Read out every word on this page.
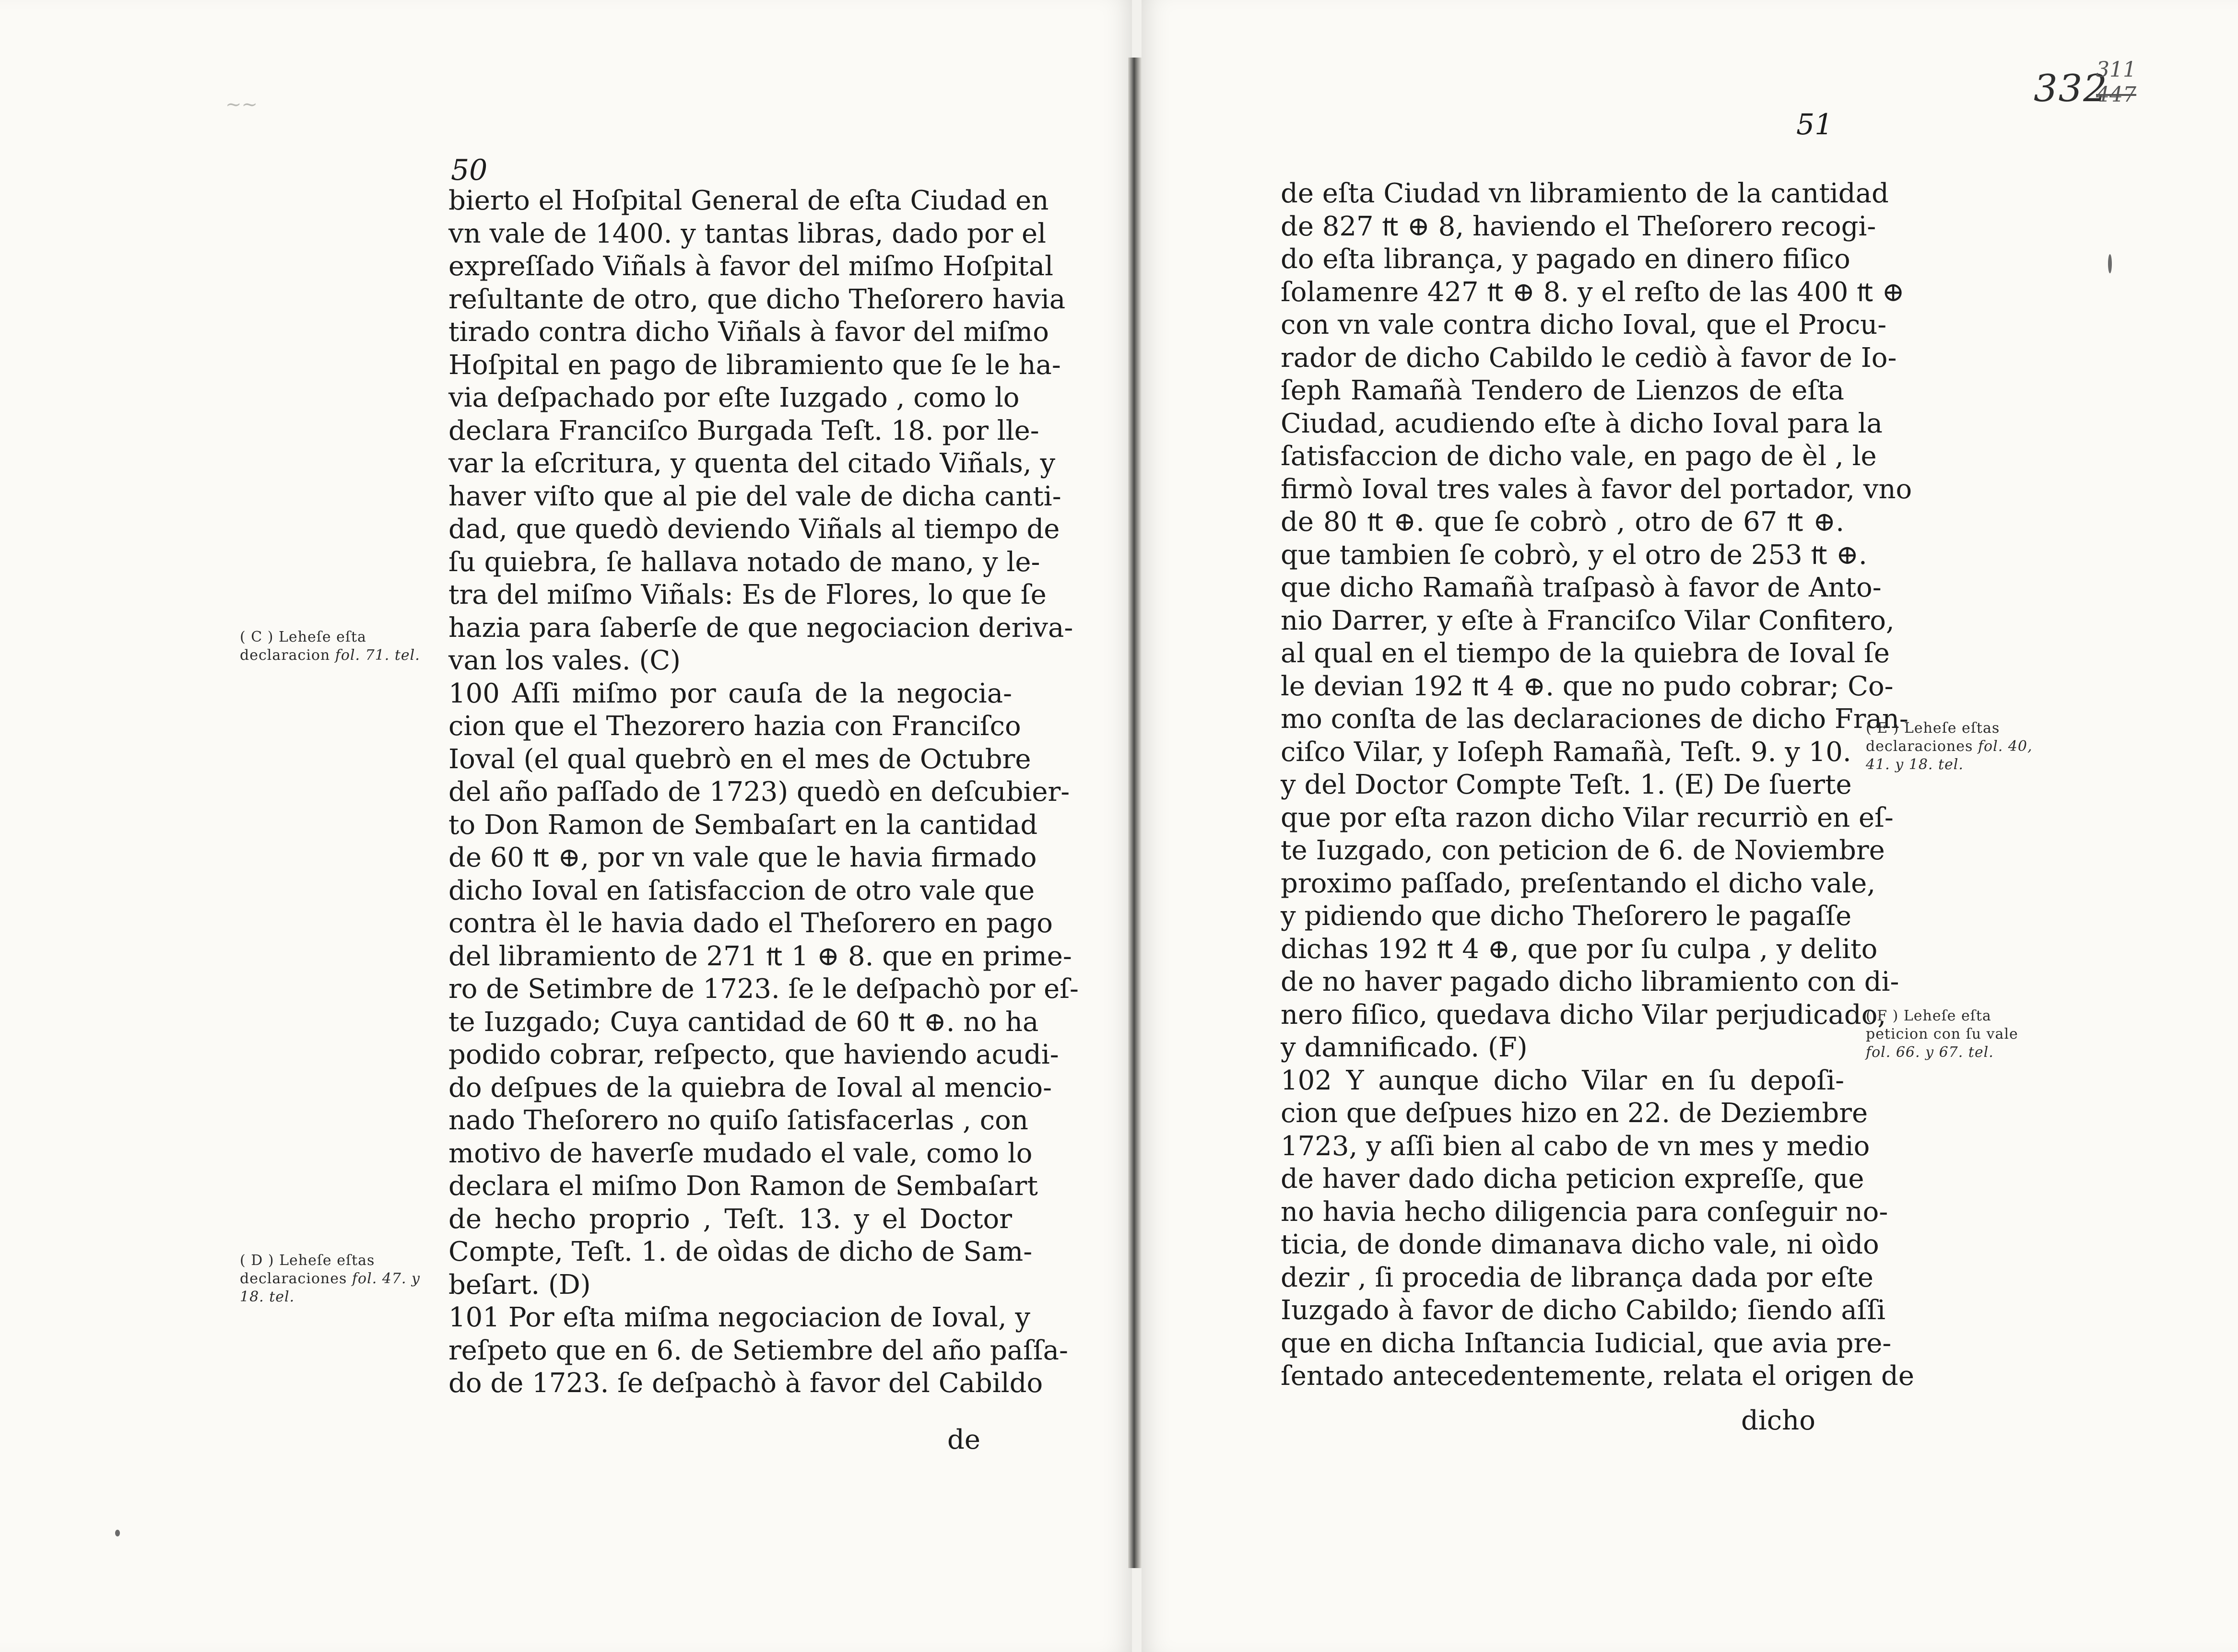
~~
50
bierto el Hoſpital General de eſta Ciudad en
vn vale de 1400. y tantas libras, dado por el
expreſſado Viñals à favor del miſmo Hoſpital
reſultante de otro, que dicho Theſorero havia
tirado contra dicho Viñals à favor del miſmo
Hoſpital en pago de libramiento que ſe le ha-
via deſpachado por eſte Iuzgado , como lo
declara Franciſco Burgada Teſt. 18. por lle-
var la eſcritura, y quenta del citado Viñals, y
haver viſto que al pie del vale de dicha canti-
dad, que quedò deviendo Viñals al tiempo de
ſu quiebra, ſe hallava notado de mano, y le-
tra del miſmo Viñals: Es de Flores, lo que ſe
hazia para ſaberſe de que negociacion deriva-
van los vales. (C)
100 Aſſi miſmo por cauſa de la negocia-
cion que el Thezorero hazia con Franciſco
Ioval (el qual quebrò en el mes de Octubre
del año paſſado de 1723) quedò en deſcubier-
to Don Ramon de Sembaſart en la cantidad
de 60 ₶ ⊕, por vn vale que le havia firmado
dicho Ioval en ſatisfaccion de otro vale que
contra èl le havia dado el Theſorero en pago
del libramiento de 271 ₶ 1 ⊕ 8. que en prime-
ro de Setimbre de 1723. ſe le deſpachò por eſ-
te Iuzgado; Cuya cantidad de 60 ₶ ⊕. no ha
podido cobrar, reſpecto, que haviendo acudi-
do deſpues de la quiebra de Ioval al menciο-
nado Theſorero no quiſo ſatisfacerlas , con
motivo de haverſe mudado el vale, como lo
declara el miſmo Don Ramon de Sembaſart
de hecho proprio , Teſt. 13. y el Doctor
Compte, Teſt. 1. de oìdas de dicho de Sam-
beſart. (D)
101 Por eſta miſma negociacion de Ioval, y
reſpeto que en 6. de Setiembre del año paſſa-
do de 1723. ſe deſpachò à favor del Cabildo
( C ) Leheſe eſta declaracion fol. 71. tel.
( D ) Leheſe eſtas declaraciones fol. 47. y 18. tel.
de
51
332
311
447
de eſta Ciudad vn libramiento de la cantidad
de 827 ₶ ⊕ 8, haviendo el Theſorero recogi-
do eſta librança, y pagado en dinero fiſico
ſolamenre 427 ₶ ⊕ 8. y el reſto de las 400 ₶ ⊕
con vn vale contra dicho Ioval, que el Procu-
rador de dicho Cabildo le cediò à favor de Io-
ſeph Ramañà Tendero de Lienzos de eſta
Ciudad, acudiendo eſte à dicho Ioval para la
ſatisfaccion de dicho vale, en pago de èl , le
firmò Ioval tres vales à favor del portador, vno
de 80 ₶ ⊕. que ſe cobrò , otro de 67 ₶ ⊕.
que tambien ſe cobrò, y el otro de 253 ₶ ⊕.
que dicho Ramañà traſpasò à favor de Anto-
nio Darrer, y eſte à Franciſco Vilar Confitero,
al qual en el tiempo de la quiebra de Ioval ſe
le devian 192 ₶ 4 ⊕. que no pudo cobrar; Co-
mo conſta de las declaraciones de dicho Fran-
ciſco Vilar, y Ioſeph Ramañà, Teſt. 9. y 10.
y del Doctor Compte Teſt. 1. (E) De ſuerte
que por eſta razon dicho Vilar recurriò en eſ-
te Iuzgado, con peticion de 6. de Noviembre
proximo paſſado, preſentando el dicho vale,
y pidiendo que dicho Theſorero le pagaſſe
dichas 192 ₶ 4 ⊕, que por ſu culpa , y delito
de no haver pagado dicho libramiento con di-
nero fiſico, quedava dicho Vilar perjudicado,
y damnificado. (F)
102 Y aunque dicho Vilar en ſu depoſi-
cion que deſpues hizo en 22. de Deziembre
1723, y aſſi bien al cabo de vn mes y medio
de haver dado dicha peticion expreſſe, que
no havia hecho diligencia para conſeguir no-
ticia, de donde dimanava dicho vale, ni oìdo
dezir , ſi procedia de librança dada por eſte
Iuzgado à favor de dicho Cabildo; ſiendo aſſi
que en dicha Inſtancia Iudicial, que avia pre-
ſentado antecedentemente, relata el origen de
( E ) Leheſe eſtas declaraciones fol. 40, 41. y 18. tel.
( F ) Leheſe eſta peticion con ſu vale fol. 66. y 67. tel.
dicho
